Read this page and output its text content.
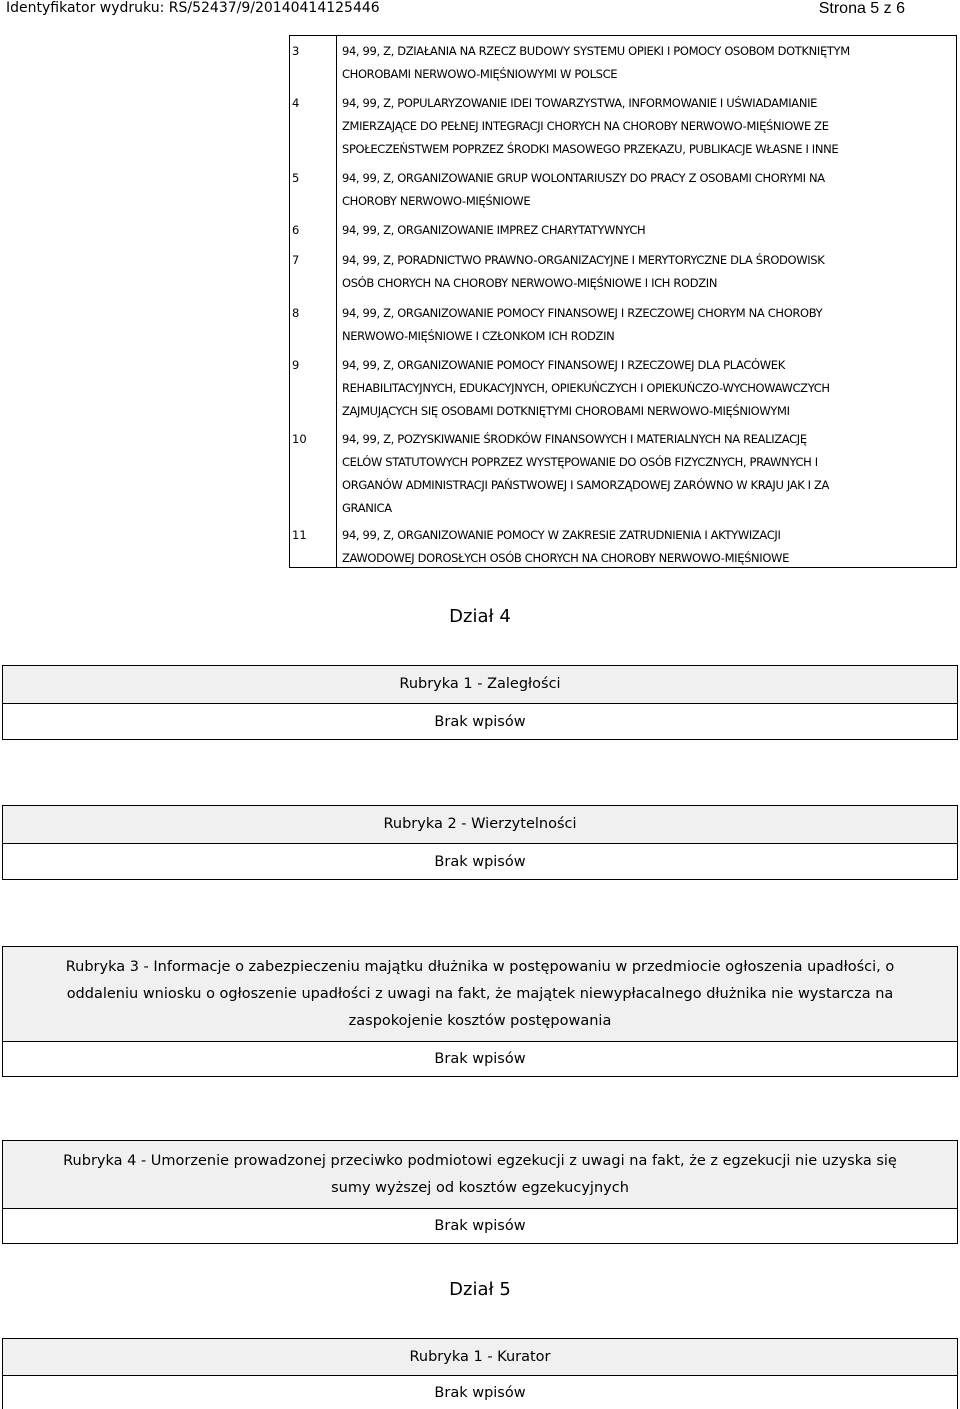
Identyfikator wydruku: RS/52437/9/20140414125446	Strona 5 z 6
3	94, 99, Z, DZIAŁANIA NA RZECZ BUDOWY SYSTEMU OPIEKI I POMOCY OSOBOM DOTKNIĘTYM
CHOROBAMI NERWOWO-MIĘŚNIOWYMI W POLSCE
4	94, 99, Z, POPULARYZOWANIE IDEI TOWARZYSTWA, INFORMOWANIE I UŚWIADAMIANIE
ZMIERZAJĄCE DO PEŁNEJ INTEGRACJI CHORYCH NA CHOROBY NERWOWO-MIĘŚNIOWE ZE
SPOŁECZEŃSTWEM POPRZEZ ŚRODKI MASOWEGO PRZEKAZU, PUBLIKACJE WŁASNE I INNE
5	94, 99, Z, ORGANIZOWANIE GRUP WOLONTARIUSZY DO PRACY Z OSOBAMI CHORYMI NA
CHOROBY NERWOWO-MIĘŚNIOWE
6	94, 99, Z, ORGANIZOWANIE IMPREZ CHARYTATYWNYCH
7	94, 99, Z, PORADNICTWO PRAWNO-ORGANIZACYJNE I MERYTORYCZNE DLA ŚRODOWISK
OSÓB CHORYCH NA CHOROBY NERWOWO-MIĘŚNIOWE I ICH RODZIN
8	94, 99, Z, ORGANIZOWANIE POMOCY FINANSOWEJ I RZECZOWEJ CHORYM NA CHOROBY
NERWOWO-MIĘŚNIOWE I CZŁONKOM ICH RODZIN
9	94, 99, Z, ORGANIZOWANIE POMOCY FINANSOWEJ I RZECZOWEJ DLA PLACÓWEK
REHABILITACYJNYCH, EDUKACYJNYCH, OPIEKUŃCZYCH I OPIEKUŃCZO-WYCHOWAWCZYCH
ZAJMUJĄCYCH SIĘ OSOBAMI DOTKNIĘTYMI CHOROBAMI NERWOWO-MIĘŚNIOWYMI
10	94, 99, Z, POZYSKIWANIE ŚRODKÓW FINANSOWYCH I MATERIALNYCH NA REALIZACJĘ
CELÓW STATUTOWYCH POPRZEZ WYSTĘPOWANIE DO OSÓB FIZYCZNYCH, PRAWNYCH I
ORGANÓW ADMINISTRACJI PAŃSTWOWEJ I SAMORZĄDOWEJ ZARÓWNO W KRAJU JAK I ZA
GRANICA
11	94, 99, Z, ORGANIZOWANIE POMOCY W ZAKRESIE ZATRUDNIENIA I AKTYWIZACJI
ZAWODOWEJ DOROSŁYCH OSÓB CHORYCH NA CHOROBY NERWOWO-MIĘŚNIOWE
Dział 4
Rubryka 1 - Zaległości
Brak wpisów
Rubryka 2 - Wierzytelności
Brak wpisów
Rubryka 3 - Informacje o zabezpieczeniu majątku dłużnika w postępowaniu w przedmiocie ogłoszenia upadłości, o
oddaleniu wniosku o ogłoszenie upadłości z uwagi na fakt, że majątek niewypłacalnego dłużnika nie wystarcza na
zaspokojenie kosztów postępowania
Brak wpisów
Rubryka 4 - Umorzenie prowadzonej przeciwko podmiotowi egzekucji z uwagi na fakt, że z egzekucji nie uzyska się
sumy wyższej od kosztów egzekucyjnych
Brak wpisów
Dział 5
Rubryka 1 - Kurator
Brak wpisów
